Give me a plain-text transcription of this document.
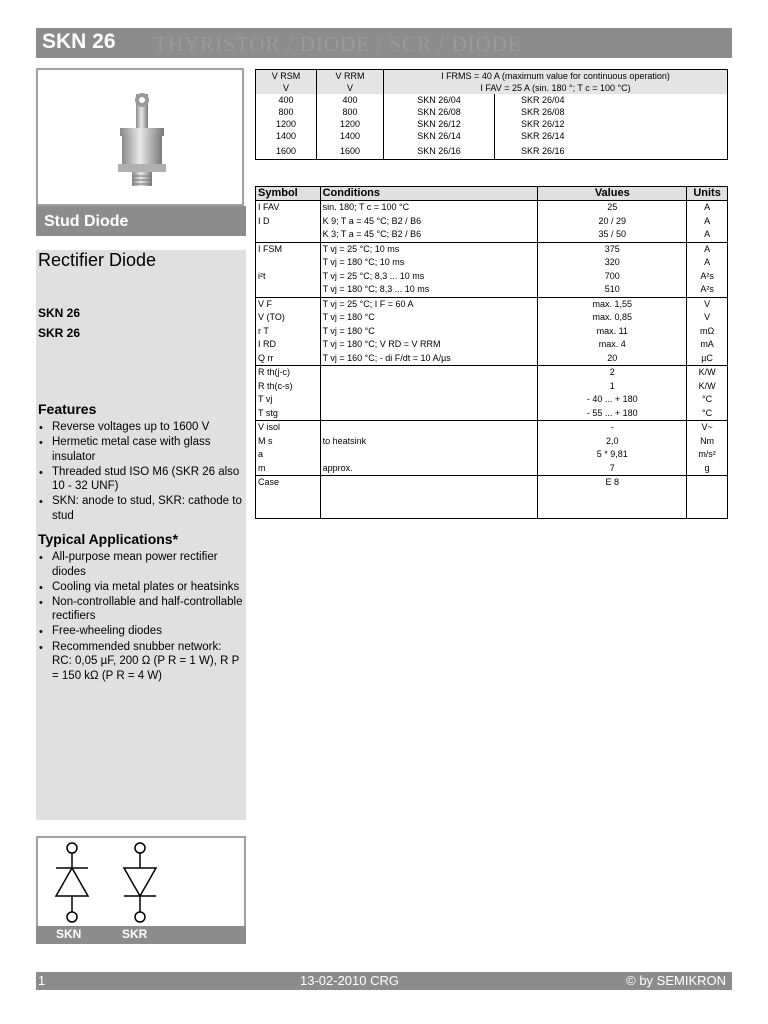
SKN 26 THYRISTOR / DIODE / SCR / DIODE
Stud Diode
Rectifier Diode
SKN 26
SKR 26
Features
• Reverse voltages up to 1600 V
• Hermetic metal case with glass insulator
• Threaded stud ISO M6 (SKR 26 also 10 - 32 UNF)
• SKN: anode to stud, SKR: cathode to stud
Typical Applications*
• All-purpose mean power rectifier diodes
• Cooling via metal plates or heatsinks
• Non-controllable and half-controllable rectifiers
• Free-wheeling diodes
• Recommended snubber network: RC: 0,05 µF, 200 Ω (P R = 1 W), R P = 150 kΩ (P R = 4 W)
SKN	SKR
V RSM	V RRM	I FRMS = 40 A (maximum value for continuous operation)	
V	V	I FAV = 25 A (sin. 180 °; T c = 100 °C)	
400	400	SKN 26/04	SKR 26/04
800	800	SKN 26/08	SKR 26/08
1200	1200	SKN 26/12	SKR 26/12
1400	1400	SKN 26/14	SKR 26/14
1600	1600	SKN 26/16	SKR 26/16
Symbol	Conditions	Values	Units
I FAV	sin. 180; T c = 100 °C	25	A
I D	K 9; T a = 45 °C; B2 / B6	20 / 29	A
	K 3; T a = 45 °C; B2 / B6	35 / 50	A
I FSM	T vj = 25 °C; 10 ms	375	A
	T vj = 180 °C; 10 ms	320	A
i²t	T vj = 25 °C; 8,3 ... 10 ms	700	A²s
	T vj = 180 °C; 8,3 ... 10 ms	510	A²s
V F	T vj = 25 °C; I F = 60 A	max. 1,55	V
V (TO)	T vj = 180 °C	max. 0,85	V
r T	T vj = 180 °C	max. 11	mΩ
I RD	T vj = 180 °C; V RD = V RRM	max. 4	mA
Q rr	T vj = 160 °C; - di F/dt = 10 A/µs	20	µC
R th(j-c)		2	K/W
R th(c-s)		1	K/W
T vj		- 40 ... + 180	°C
T stg		- 55 ... + 180	°C
V isol		-	V~
M s	to heatsink	2,0	Nm
a		5 * 9,81	m/s²
m	approx.	7	g
Case		E 8	
1	13-02-2010 CRG	© by SEMIKRON
